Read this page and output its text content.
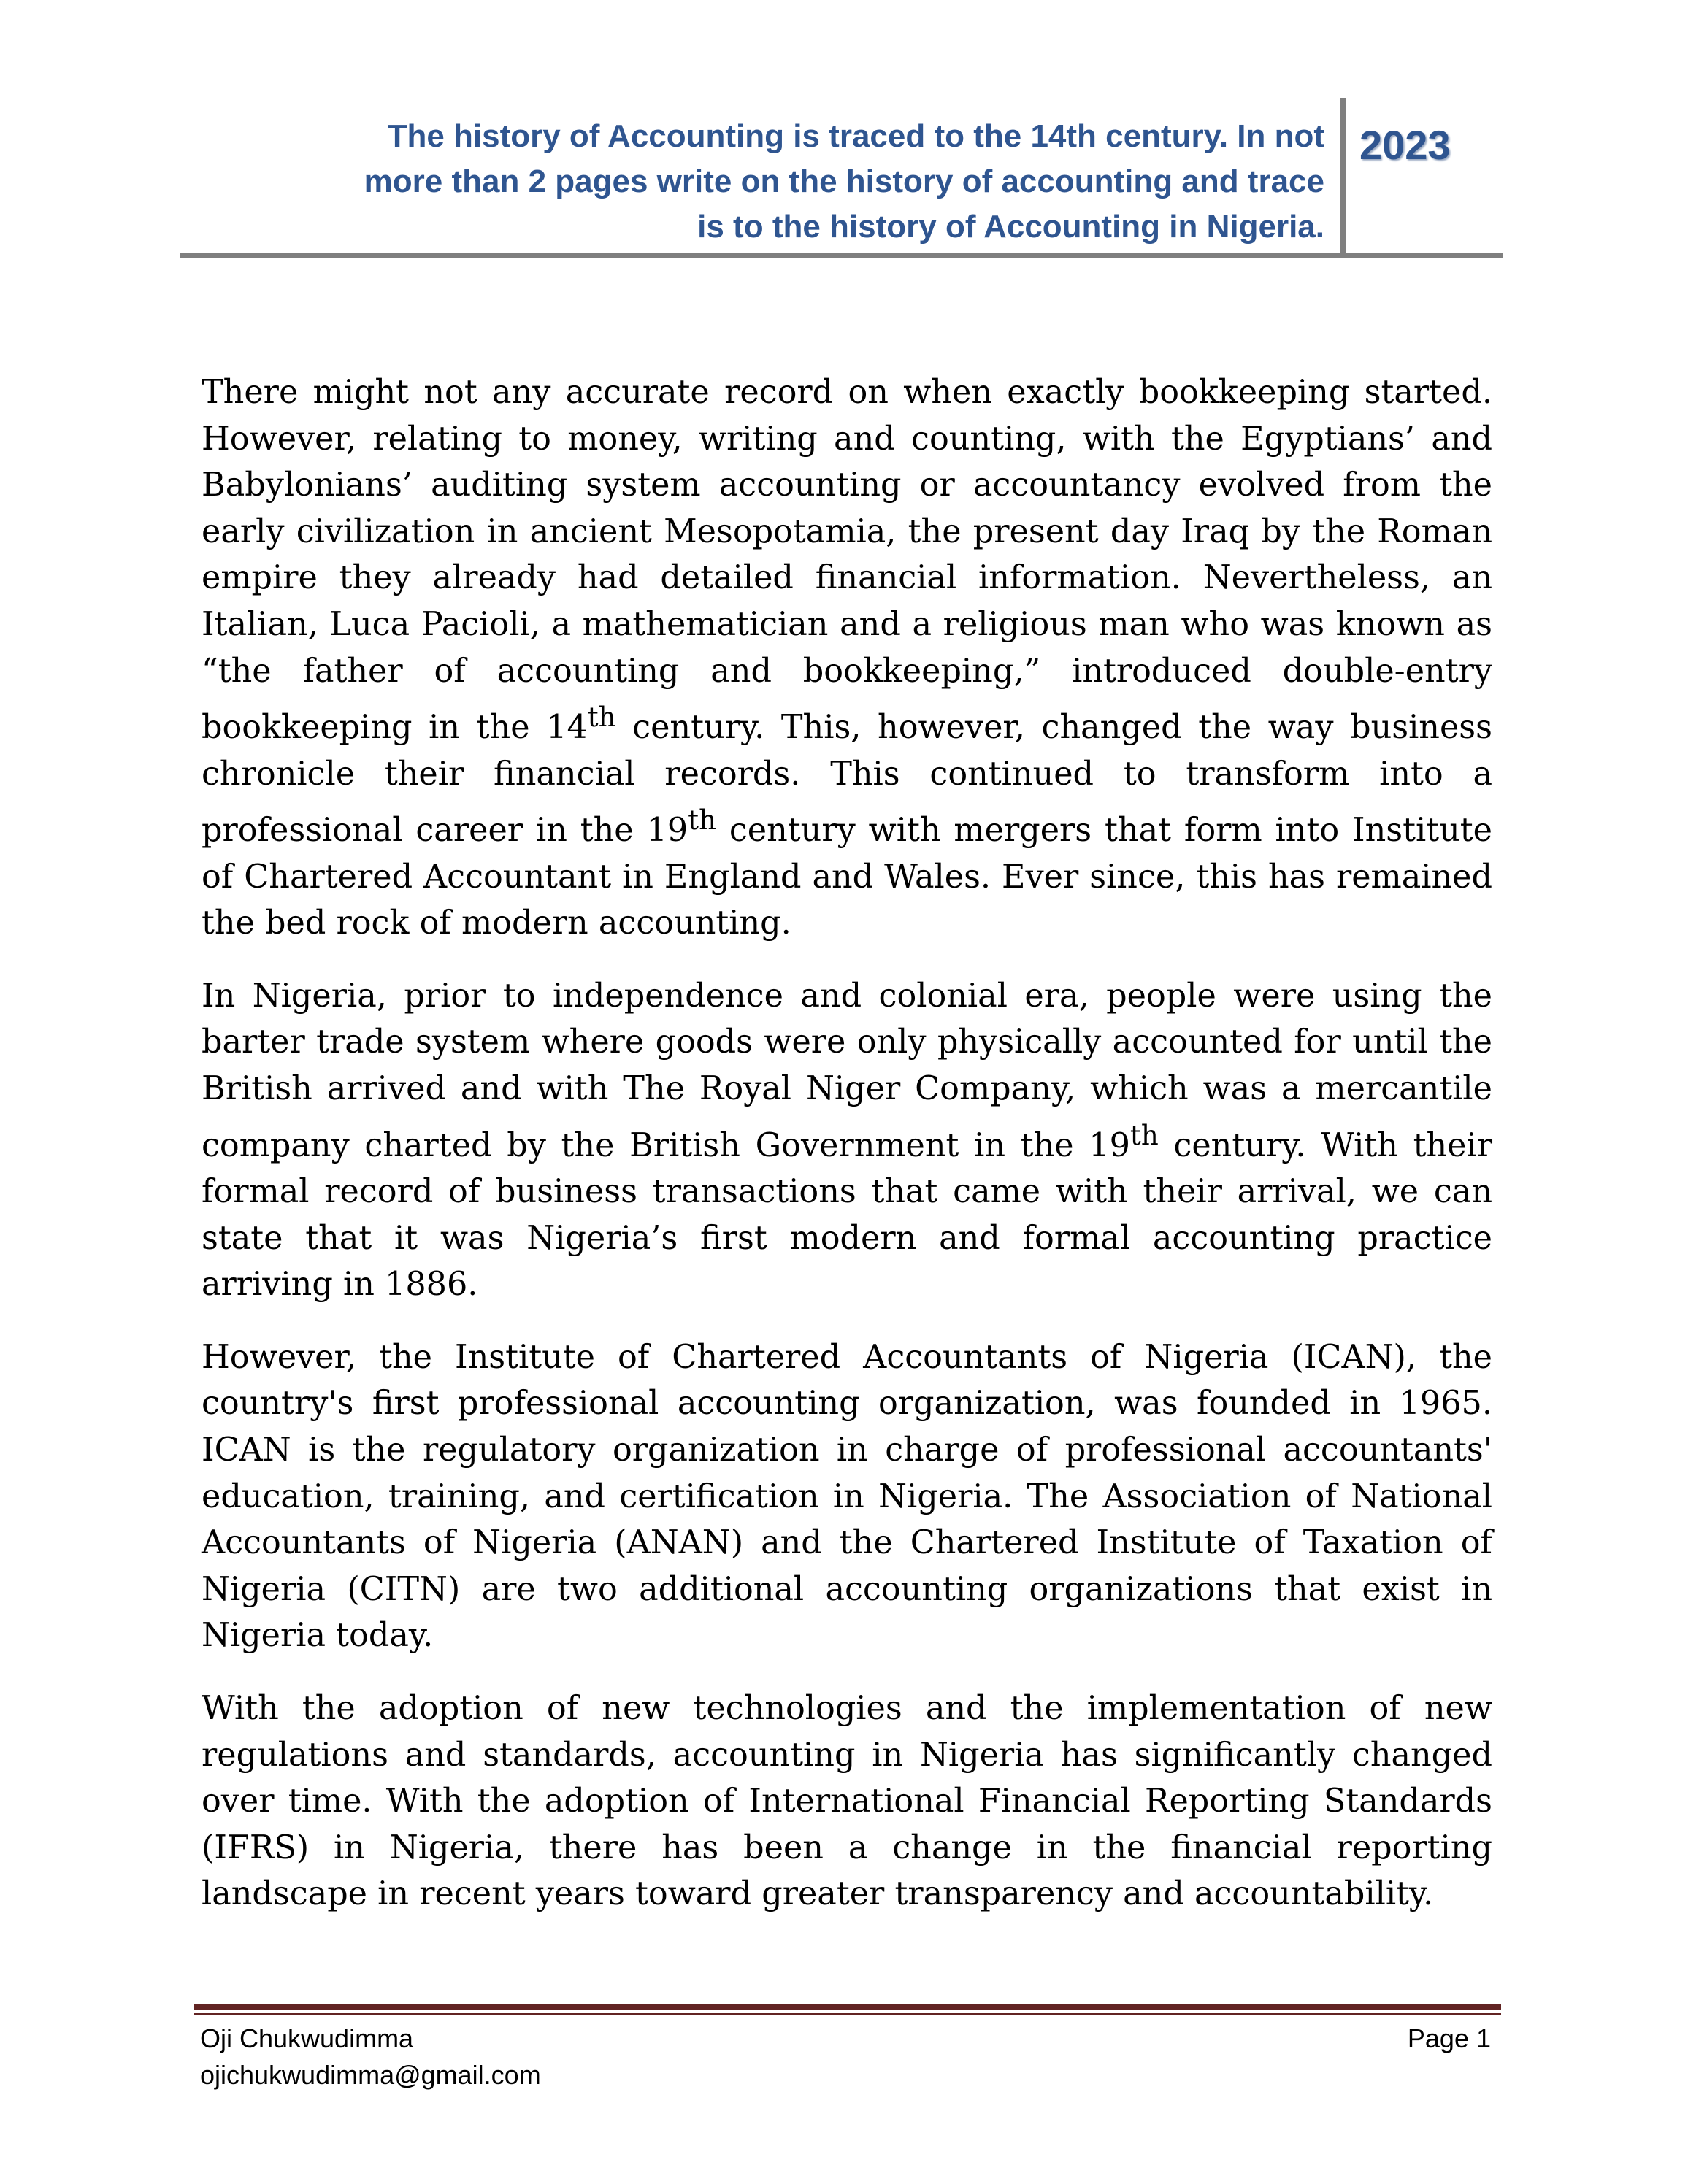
The history of Accounting is traced to the 14th century. In not
more than 2 pages write on the history of accounting and trace
is to the history of Accounting in Nigeria.

2023

There might not any accurate record on when exactly bookkeeping started. However, relating to money, writing and counting, with the Egyptians’ and Babylonians’ auditing system accounting or accountancy evolved from the early civilization in ancient Mesopotamia, the present day Iraq by the Roman empire they already had detailed financial information. Nevertheless, an Italian, Luca Pacioli, a mathematician and a religious man who was known as “the father of accounting and bookkeeping,” introduced double-entry bookkeeping in the 14th century. This, however, changed the way business chronicle their financial records. This continued to transform into a professional career in the 19th century with mergers that form into Institute of Chartered Accountant in England and Wales. Ever since, this has remained the bed rock of modern accounting.

In Nigeria, prior to independence and colonial era, people were using the barter trade system where goods were only physically accounted for until the British arrived and with The Royal Niger Company, which was a mercantile company charted by the British Government in the 19th century. With their formal record of business transactions that came with their arrival, we can state that it was Nigeria’s first modern and formal accounting practice arriving in 1886.

However, the Institute of Chartered Accountants of Nigeria (ICAN), the country's first professional accounting organization, was founded in 1965. ICAN is the regulatory organization in charge of professional accountants' education, training, and certification in Nigeria. The Association of National Accountants of Nigeria (ANAN) and the Chartered Institute of Taxation of Nigeria (CITN) are two additional accounting organizations that exist in Nigeria today.

With the adoption of new technologies and the implementation of new regulations and standards, accounting in Nigeria has significantly changed over time. With the adoption of International Financial Reporting Standards (IFRS) in Nigeria, there has been a change in the financial reporting landscape in recent years toward greater transparency and accountability.

Oji Chukwudimma

ojichukwudimma@gmail.com

Page 1
